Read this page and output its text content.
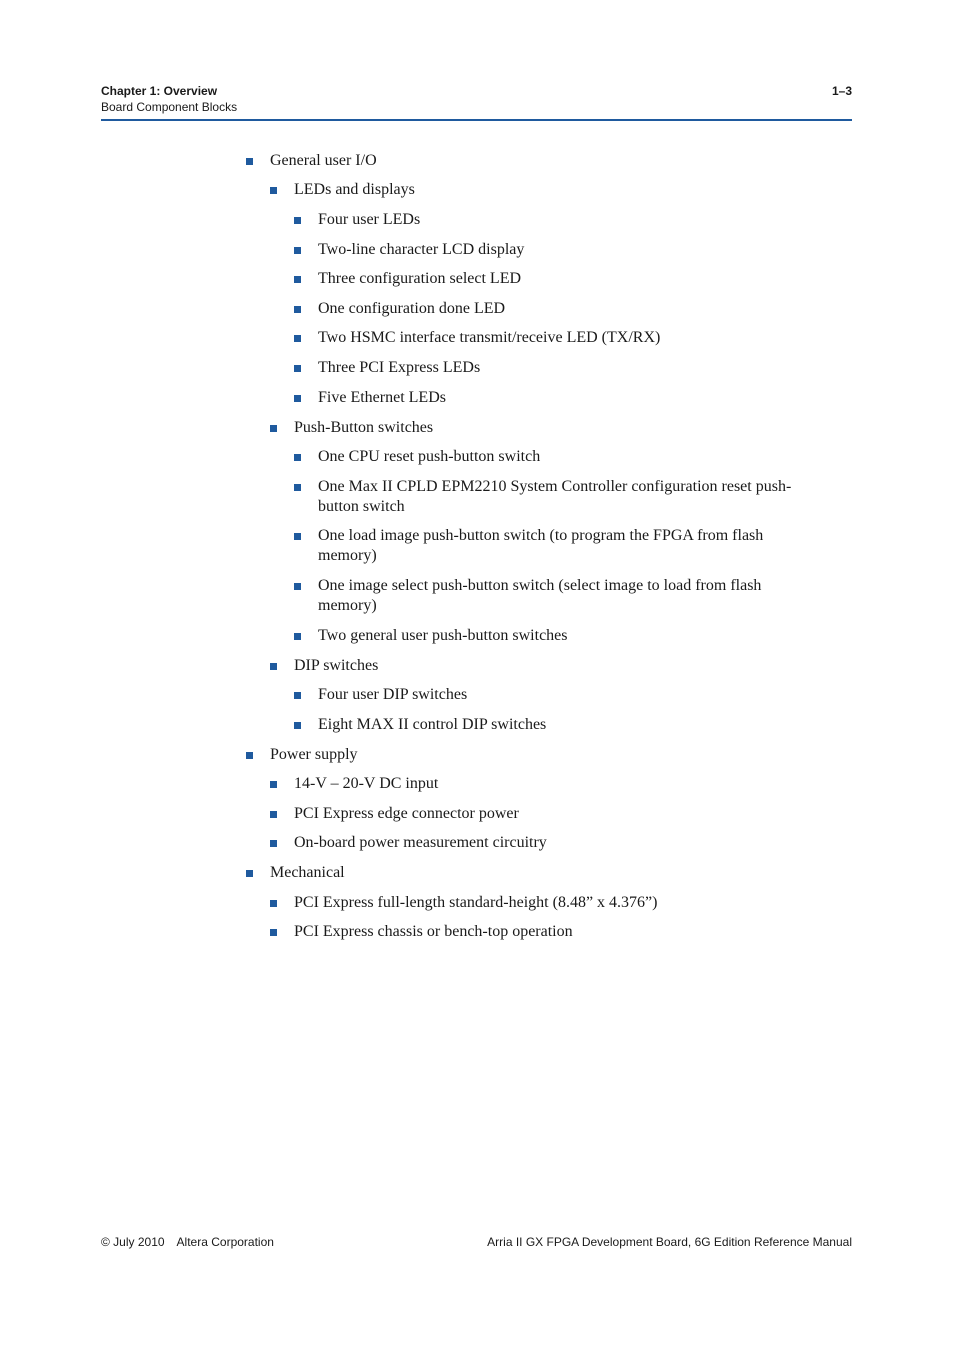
Chapter 1: Overview
Board Component Blocks
1–3
General user I/O
LEDs and displays
Four user LEDs
Two-line character LCD display
Three configuration select LED
One configuration done LED
Two HSMC interface transmit/receive LED (TX/RX)
Three PCI Express LEDs
Five Ethernet LEDs
Push-Button switches
One CPU reset push-button switch
One Max II CPLD EPM2210 System Controller configuration reset push-button switch
One load image push-button switch (to program the FPGA from flash memory)
One image select push-button switch (select image to load from flash memory)
Two general user push-button switches
DIP switches
Four user DIP switches
Eight MAX II control DIP switches
Power supply
14-V – 20-V DC input
PCI Express edge connector power
On-board power measurement circuitry
Mechanical
PCI Express full-length standard-height (8.48” x 4.376”)
PCI Express chassis or bench-top operation
© July 2010 Altera Corporation	Arria II GX FPGA Development Board, 6G Edition Reference Manual
